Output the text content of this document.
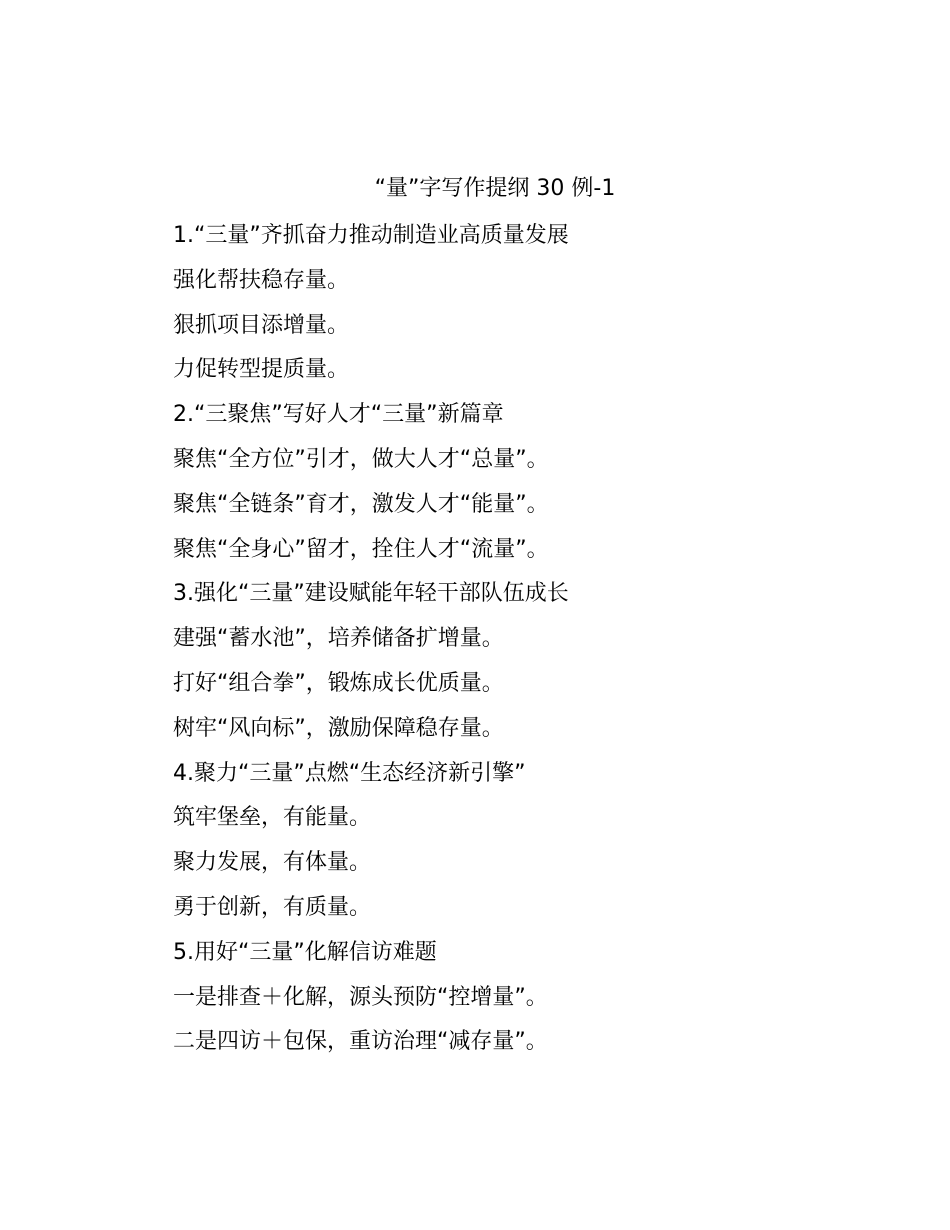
“量”字写作提纲 30 例-1
1.“三量”齐抓奋力推动制造业高质量发展
强化帮扶稳存量。
狠抓项目添增量。
力促转型提质量。
2.“三聚焦”写好人才“三量”新篇章
聚焦“全方位”引才，做大人才“总量”。
聚焦“全链条”育才，激发人才“能量”。
聚焦“全身心”留才，拴住人才“流量”。
3.强化“三量”建设赋能年轻干部队伍成长
建强“蓄水池”，培养储备扩增量。
打好“组合拳”，锻炼成长优质量。
树牢“风向标”，激励保障稳存量。
4.聚力“三量”点燃“生态经济新引擎”
筑牢堡垒，有能量。
聚力发展，有体量。
勇于创新，有质量。
5.用好“三量”化解信访难题
一是排查＋化解，源头预防“控增量”。
二是四访＋包保，重访治理“减存量”。
